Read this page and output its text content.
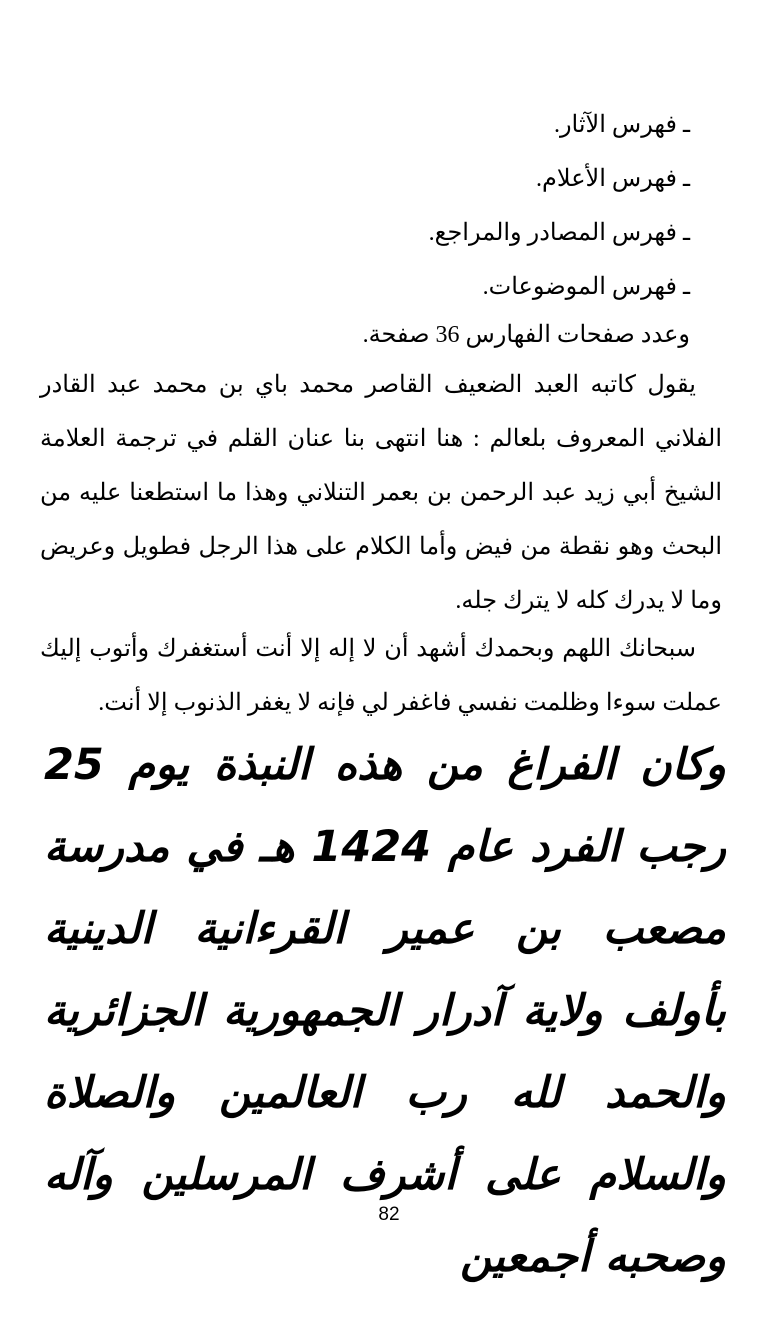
ـ فهرس الآثار.
ـ فهرس الأعلام.
ـ فهرس المصادر والمراجع.
ـ فهرس الموضوعات.
وعدد صفحات الفهارس 36 صفحة.
يقول كاتبه العبد الضعيف القاصر محمد باي بن محمد عبد القادر الفلاني المعروف بلعالم : هنا انتهى بنا عنان القلم في ترجمة العلامة الشيخ أبي زيد عبد الرحمن بن بعمر التنلاني وهذا ما استطعنا عليه من البحث وهو نقطة من فيض وأما الكلام على هذا الرجل فطويل وعريض وما لا يدرك كله لا يترك جله.
سبحانك اللهم وبحمدك أشهد أن لا إله إلا أنت أستغفرك وأتوب إليك عملت سوءا وظلمت نفسي فاغفر لي فإنه لا يغفر الذنوب إلا أنت.
وكان الفراغ من هذه النبذة يوم 25 رجب الفرد عام 1424 هـ في مدرسة مصعب بن عمير القرءانية الدينية بأولف ولاية آدرار الجمهورية الجزائرية والحمد لله رب العالمين والصلاة والسلام على أشرف المرسلين وآله وصحبه أجمعين
82
